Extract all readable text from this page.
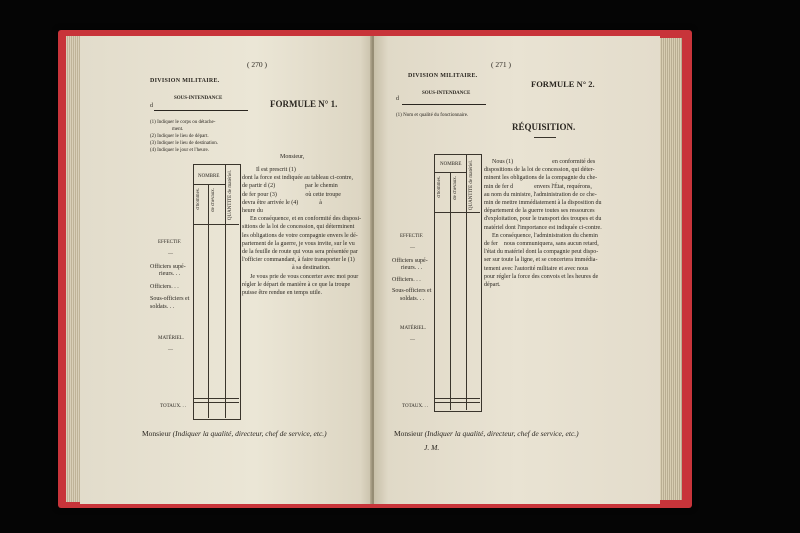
( 270 )
DIVISION MILITAIRE.
SOUS-INTENDANCE
d	FORMULE N° 1.
(1) Indiquer le corps ou détache-
ment.
(2) Indiquer le lieu de départ.
(3) Indiquer le lieu de destination.
(4) Indiquer le jour et l'heure.
NOMBRE
d'hommes. de chevaux. QUANTITÉ de matériel.
EFFECTIF.
—
Officiers supé-
rieurs. . .
Officiers. . .
Sous-officiers et
soldats. . .
MATÉRIEL.
—
TOTAUX. . .
Monsieur,
Il est prescrit (1)
dont la force est indiquée au tableau ci-contre,
de partir d (2)                    par le chemin
de fer pour (3)                   où cette troupe
devra être arrivée le (4)              à
heure du
En conséquence, et en conformité des disposi-
sitions de la loi de concession, qui déterminent
les obligations de votre compagnie envers le dé-
partement de la guerre, je vous invite, sur le vu
de la feuille de route qui vous sera présentée par
l'officier commandant, à faire transporter le (1)
à sa destination.
Je vous prie de vous concerter avec moi pour
régler le départ de manière à ce que la troupe
puisse être rendue en temps utile.
Monsieur (Indiquer la qualité, directeur, chef de service, etc.)
( 271 )
DIVISION MILITAIRE.
FORMULE N° 2.
SOUS-INTENDANCE
d
(1) Nom et qualité du fonctionnaire.
RÉQUISITION.
NOMBRE
d'hommes. de chevaux. QUANTITÉ de matériel.
EFFECTIF.
—
Officiers supé-
rieurs. . .
Officiers. . .
Sous-officiers et
soldats. . .
MATÉRIEL.
—
TOTAUX. . .
Nous (1)                          en conformité des
dispositions de la loi de concession, qui déter-
minent les obligations de la compagnie du che-
min de fer d              envers l'État, requérons,
au nom du ministre, l'administration de ce che-
min de mettre immédiatement à la disposition du
département de la guerre toutes ses ressources
d'exploitation, pour le transport des troupes et du
matériel dont l'importance est indiquée ci-contre.
En conséquence, l'administration du chemin
de fer    nous communiquera, sans aucun retard,
l'état du matériel dont la compagnie peut dispo-
ser sur toute la ligne, et se concertera immédia-
tement avec l'autorité militaire et avec nous
pour régler la force des convois et les heures de
départ.
Monsieur (Indiquer la qualité, directeur, chef de service, etc.)
J. M.
